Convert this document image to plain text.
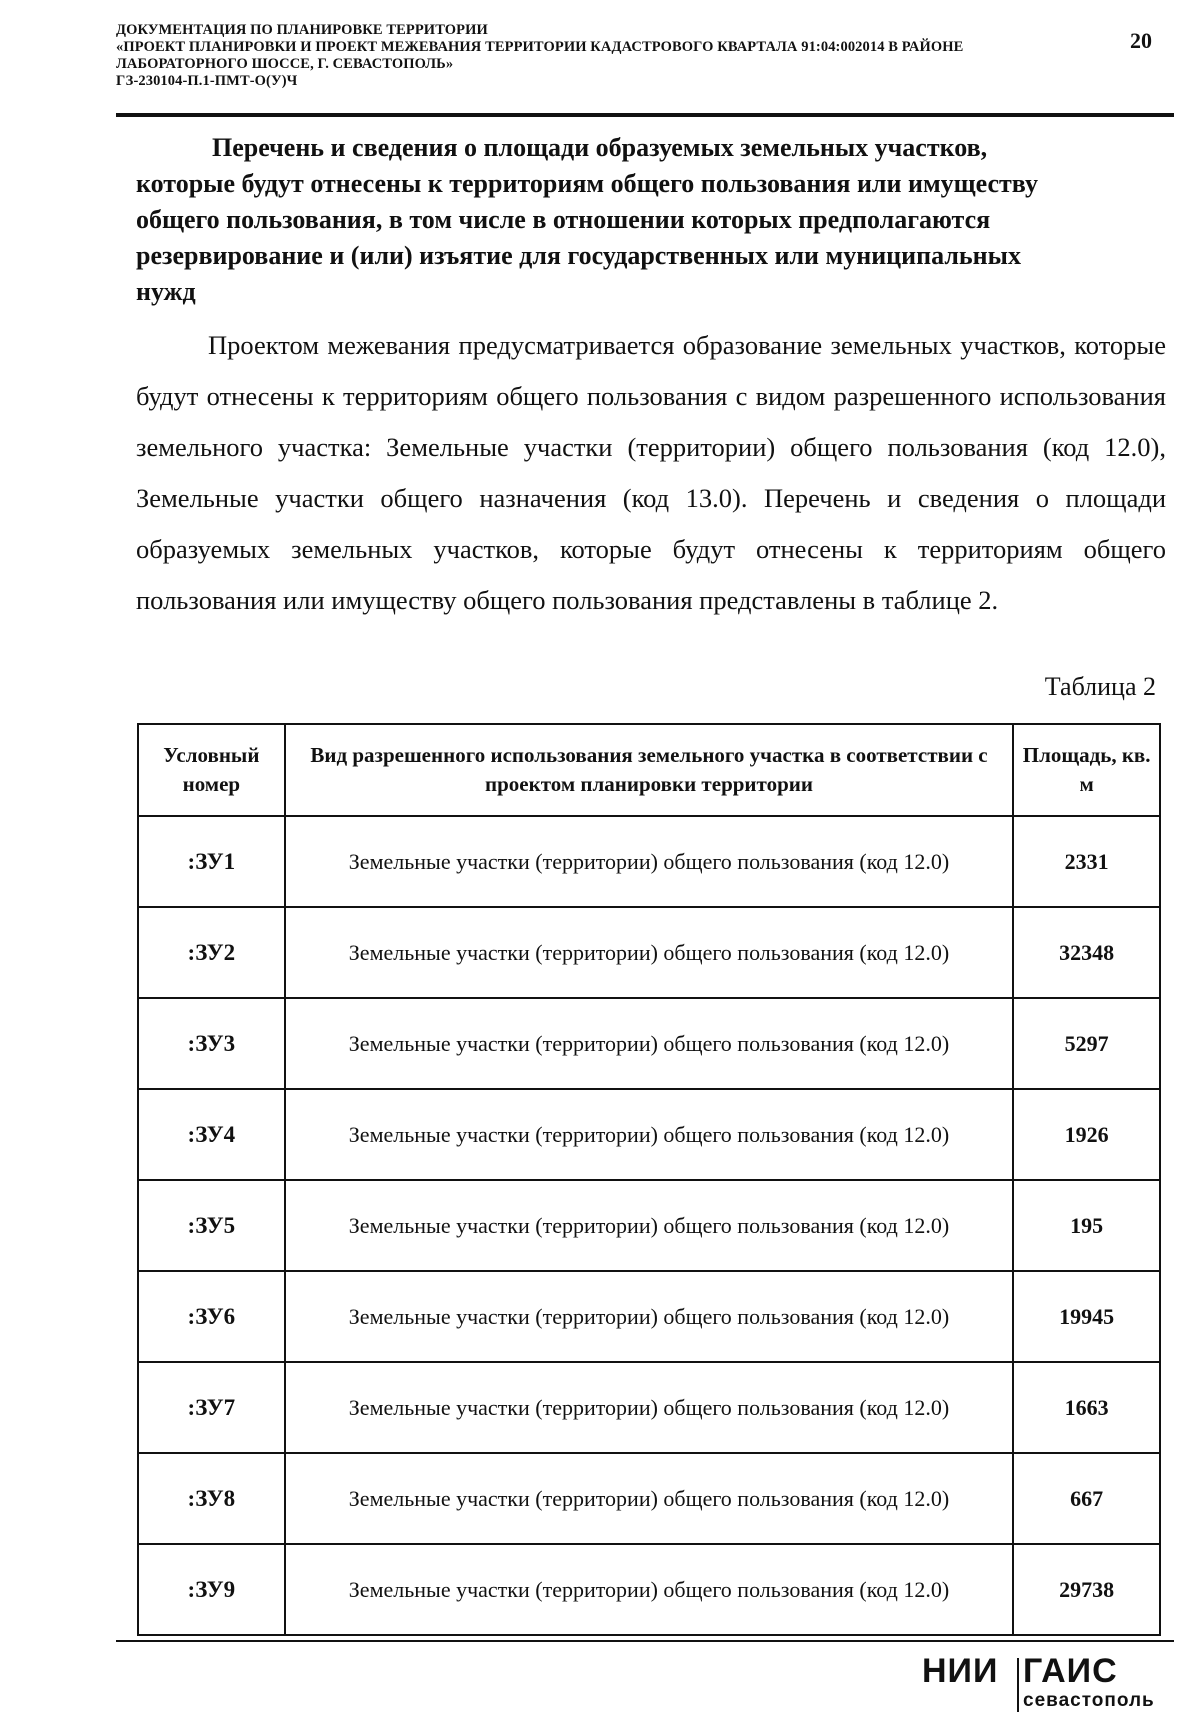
ДОКУМЕНТАЦИЯ ПО ПЛАНИРОВКЕ ТЕРРИТОРИИ
«ПРОЕКТ ПЛАНИРОВКИ И ПРОЕКТ МЕЖЕВАНИЯ ТЕРРИТОРИИ КАДАСТРОВОГО КВАРТАЛА 91:04:002014 В РАЙОНЕ
ЛАБОРАТОРНОГО ШОССЕ, Г. СЕВАСТОПОЛЬ»
ГЗ-230104-П.1-ПМТ-О(У)Ч
20
Перечень и сведения о площади образуемых земельных участков,
которые будут отнесены к территориям общего пользования или имуществу
общего пользования, в том числе в отношении которых предполагаются
резервирование и (или) изъятие для государственных или муниципальных
нужд

Проектом межевания предусматривается образование земельных участков, которые будут отнесены к территориям общего пользования с видом разрешенного использования земельного участка: Земельные участки (территории) общего пользования (код 12.0), Земельные участки общего назначения (код 13.0). Перечень и сведения о площади образуемых земельных участков, которые будут отнесены к территориям общего пользования или имуществу общего пользования представлены в таблице 2.

Таблица 2
Условный номер	Вид разрешенного использования земельного участка в соответствии с проектом планировки территории	Площадь, кв. м
:ЗУ1	Земельные участки (территории) общего пользования (код 12.0)	2331
:ЗУ2	Земельные участки (территории) общего пользования (код 12.0)	32348
:ЗУ3	Земельные участки (территории) общего пользования (код 12.0)	5297
:ЗУ4	Земельные участки (территории) общего пользования (код 12.0)	1926
:ЗУ5	Земельные участки (территории) общего пользования (код 12.0)	195
:ЗУ6	Земельные участки (территории) общего пользования (код 12.0)	19945
:ЗУ7	Земельные участки (территории) общего пользования (код 12.0)	1663
:ЗУ8	Земельные участки (территории) общего пользования (код 12.0)	667
:ЗУ9	Земельные участки (территории) общего пользования (код 12.0)	29738
НИИ ГАИС
севастополь
